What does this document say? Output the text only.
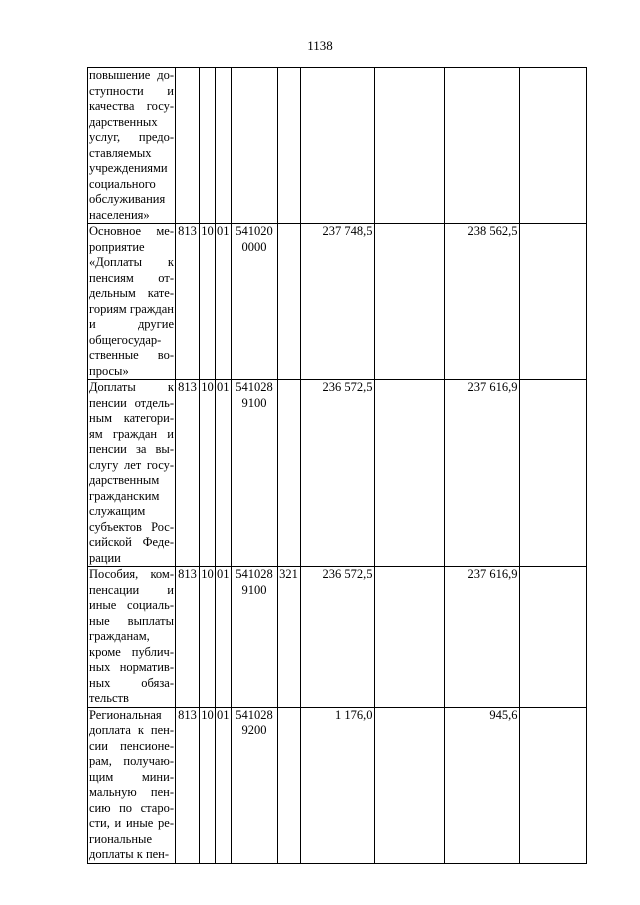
1138
повышение доступности и качества государственных услуг, предоставляемых учреждениями социального обслуживания населения»									
Основное мероприятие «Доплаты к пенсиям отдельным категориям граждан и другие общегосударственные вопросы»	813	10	01	541020 0000		237 748,5		238 562,5	
Доплаты к пенсии отдельным категориям граждан и пенсии за выслугу лет государственным гражданским служащим субъектов Российской Федерации	813	10	01	541028 9100		236 572,5		237 616,9	
Пособия, компенсации и иные социальные выплаты гражданам, кроме публичных нормативных обязательств	813	10	01	541028 9100	321	236 572,5		237 616,9	
Региональная доплата к пенсии пенсионерам, получающим минимальную пенсию по старости, и иные региональные доплаты к пен-	813	10	01	541028 9200		1 176,0		945,6	
